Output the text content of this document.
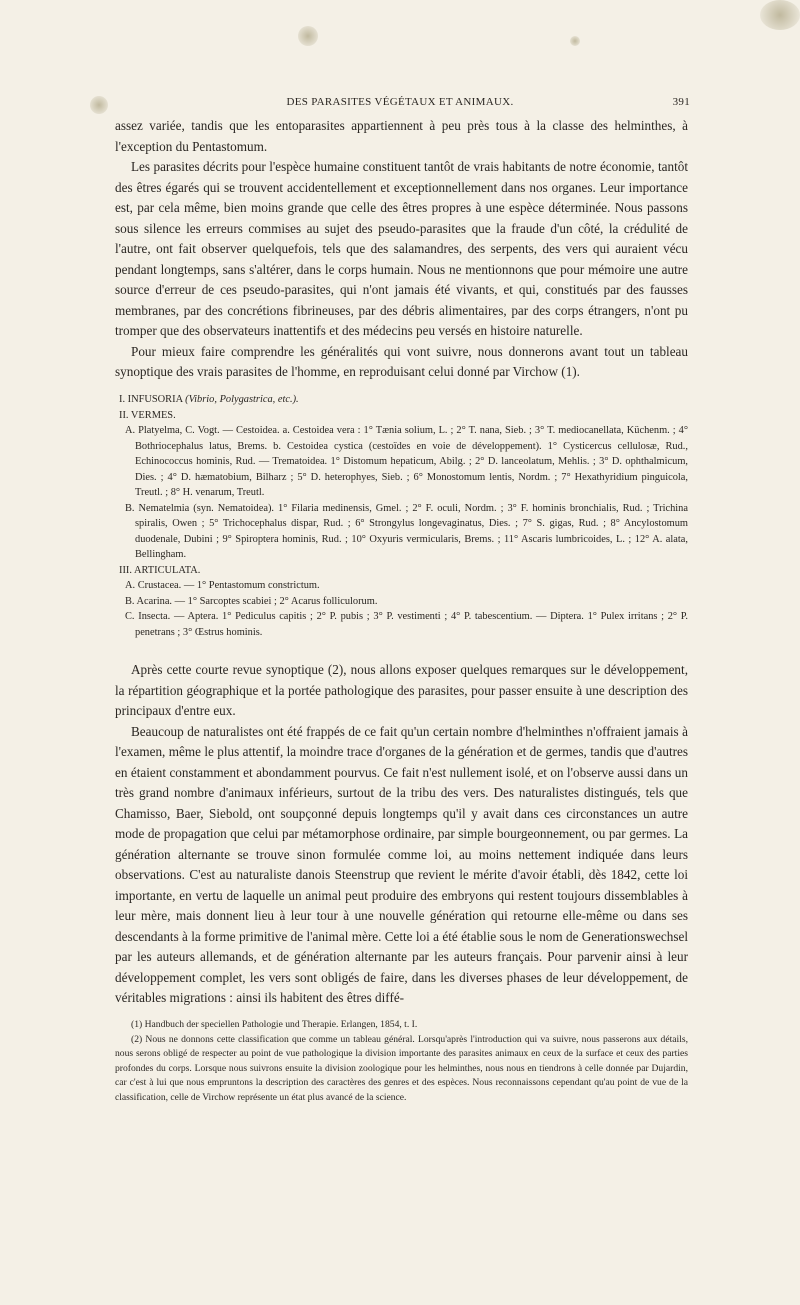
DES PARASITES VÉGÉTAUX ET ANIMAUX.	391

assez variée, tandis que les entoparasites appartiennent à peu près tous à la classe des helminthes, à l'exception du Pentastomum.

Les parasites décrits pour l'espèce humaine constituent tantôt de vrais habitants de notre économie, tantôt des êtres égarés qui se trouvent accidentellement et exceptionnellement dans nos organes. Leur importance est, par cela même, bien moins grande que celle des êtres propres à une espèce déterminée. Nous passons sous silence les erreurs commises au sujet des pseudo-parasites que la fraude d'un côté, la crédulité de l'autre, ont fait observer quelquefois, tels que des salamandres, des serpents, des vers qui auraient vécu pendant longtemps, sans s'altérer, dans le corps humain. Nous ne mentionnons que pour mémoire une autre source d'erreur de ces pseudo-parasites, qui n'ont jamais été vivants, et qui, constitués par des fausses membranes, par des concrétions fibrineuses, par des débris alimentaires, par des corps étrangers, n'ont pu tromper que des observateurs inattentifs et des médecins peu versés en histoire naturelle.

Pour mieux faire comprendre les généralités qui vont suivre, nous donnerons avant tout un tableau synoptique des vrais parasites de l'homme, en reproduisant celui donné par Virchow (1).

I. INFUSORIA (Vibrio, Polygastrica, etc.).

II. VERMES.

A. Platyelma, C. Vogt. — Cestoidea. a. Cestoidea vera : 1° Tænia solium, L. ; 2° T. nana, Sieb. ; 3° T. mediocanellata, Küchenm. ; 4° Bothriocephalus latus, Brems. b. Cestoidea cystica (cestoïdes en voie de développement). 1° Cysticercus cellulosæ, Rud., Echinococcus hominis, Rud. — Trematoidea. 1° Distomum hepaticum, Abilg. ; 2° D. lanceolatum, Mehlis. ; 3° D. ophthalmicum, Dies. ; 4° D. hæmatobium, Bilharz ; 5° D. heterophyes, Sieb. ; 6° Monostomum lentis, Nordm. ; 7° Hexathyridium pinguicola, Treutl. ; 8° H. venarum, Treutl.

B. Nematelmia (syn. Nematoidea). 1° Filaria medinensis, Gmel. ; 2° F. oculi, Nordm. ; 3° F. hominis bronchialis, Rud. ; Trichina spiralis, Owen ; 5° Trichocephalus dispar, Rud. ; 6° Strongylus longevaginatus, Dies. ; 7° S. gigas, Rud. ; 8° Ancylostomum duodenale, Dubini ; 9° Spiroptera hominis, Rud. ; 10° Oxyuris vermicularis, Brems. ; 11° Ascaris lumbricoides, L. ; 12° A. alata, Bellingham.

III. ARTICULATA.

A. Crustacea. — 1° Pentastomum constrictum.

B. Acarina. — 1° Sarcoptes scabiei ; 2° Acarus folliculorum.

C. Insecta. — Aptera. 1° Pediculus capitis ; 2° P. pubis ; 3° P. vestimenti ; 4° P. tabescentium. — Diptera. 1° Pulex irritans ; 2° P. penetrans ; 3° Œstrus hominis.

Après cette courte revue synoptique (2), nous allons exposer quelques remarques sur le développement, la répartition géographique et la portée pathologique des parasites, pour passer ensuite à une description des principaux d'entre eux.

Beaucoup de naturalistes ont été frappés de ce fait qu'un certain nombre d'helminthes n'offraient jamais à l'examen, même le plus attentif, la moindre trace d'organes de la génération et de germes, tandis que d'autres en étaient constamment et abondamment pourvus. Ce fait n'est nullement isolé, et on l'observe aussi dans un très grand nombre d'animaux inférieurs, surtout de la tribu des vers. Des naturalistes distingués, tels que Chamisso, Baer, Siebold, ont soupçonné depuis longtemps qu'il y avait dans ces circonstances un autre mode de propagation que celui par métamorphose ordinaire, par simple bourgeonnement, ou par germes. La génération alternante se trouve sinon formulée comme loi, au moins nettement indiquée dans leurs observations. C'est au naturaliste danois Steenstrup que revient le mérite d'avoir établi, dès 1842, cette loi importante, en vertu de laquelle un animal peut produire des embryons qui restent toujours dissemblables à leur mère, mais donnent lieu à leur tour à une nouvelle génération qui retourne elle-même ou dans ses descendants à la forme primitive de l'animal mère. Cette loi a été établie sous le nom de Generationswechsel par les auteurs allemands, et de génération alternante par les auteurs français. Pour parvenir ainsi à leur développement complet, les vers sont obligés de faire, dans les diverses phases de leur développement, de véritables migrations : ainsi ils habitent des êtres diffé-

(1) Handbuch der speciellen Pathologie und Therapie. Erlangen, 1854, t. I.

(2) Nous ne donnons cette classification que comme un tableau général. Lorsqu'après l'introduction qui va suivre, nous passerons aux détails, nous serons obligé de respecter au point de vue pathologique la division importante des parasites animaux en ceux de la surface et ceux des parties profondes du corps. Lorsque nous suivrons ensuite la division zoologique pour les helminthes, nous nous en tiendrons à celle donnée par Dujardin, car c'est à lui que nous empruntons la description des caractères des genres et des espèces. Nous reconnaissons cependant qu'au point de vue de la classification, celle de Virchow représente un état plus avancé de la science.
